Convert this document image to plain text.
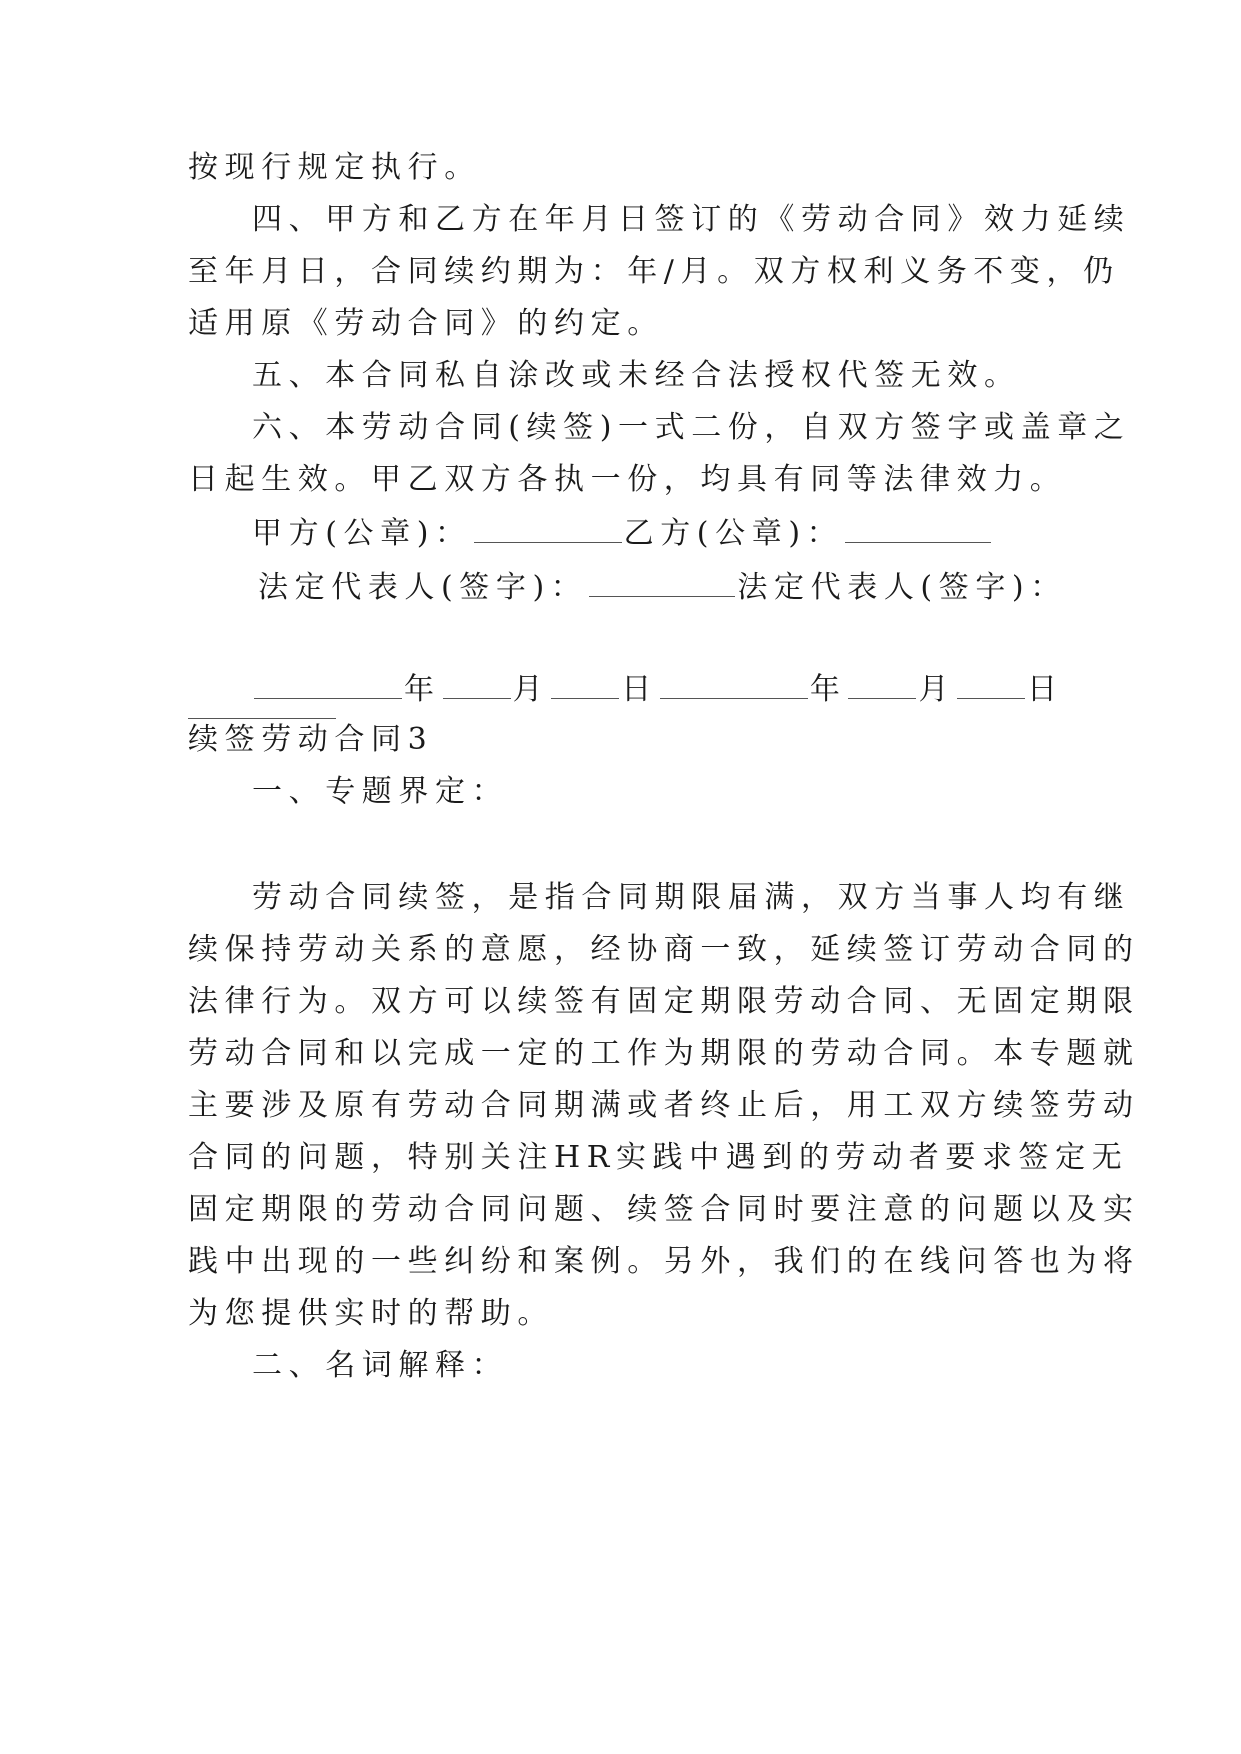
按现行规定执行。

四、甲方和乙方在年月日签订的《劳动合同》效力延续

至年月日，合同续约期为：年/月。双方权利义务不变，仍

适用原《劳动合同》的约定。

五、本合同私自涂改或未经合法授权代签无效。

六、本劳动合同(续签)一式二份，自双方签字或盖章之

日起生效。甲乙双方各执一份，均具有同等法律效力。

甲方(公章)：	乙方(公章)：

法定代表人(签字)：	法定代表人(签字)：

年 月 日	年 月 日

续签劳动合同3

一、专题界定：

劳动合同续签，是指合同期限届满，双方当事人均有继

续保持劳动关系的意愿，经协商一致，延续签订劳动合同的

法律行为。双方可以续签有固定期限劳动合同、无固定期限

劳动合同和以完成一定的工作为期限的劳动合同。本专题就

主要涉及原有劳动合同期满或者终止后，用工双方续签劳动

合同的问题，特别关注HR实践中遇到的劳动者要求签定无

固定期限的劳动合同问题、续签合同时要注意的问题以及实

践中出现的一些纠纷和案例。另外，我们的在线问答也为将

为您提供实时的帮助。

二、名词解释：
